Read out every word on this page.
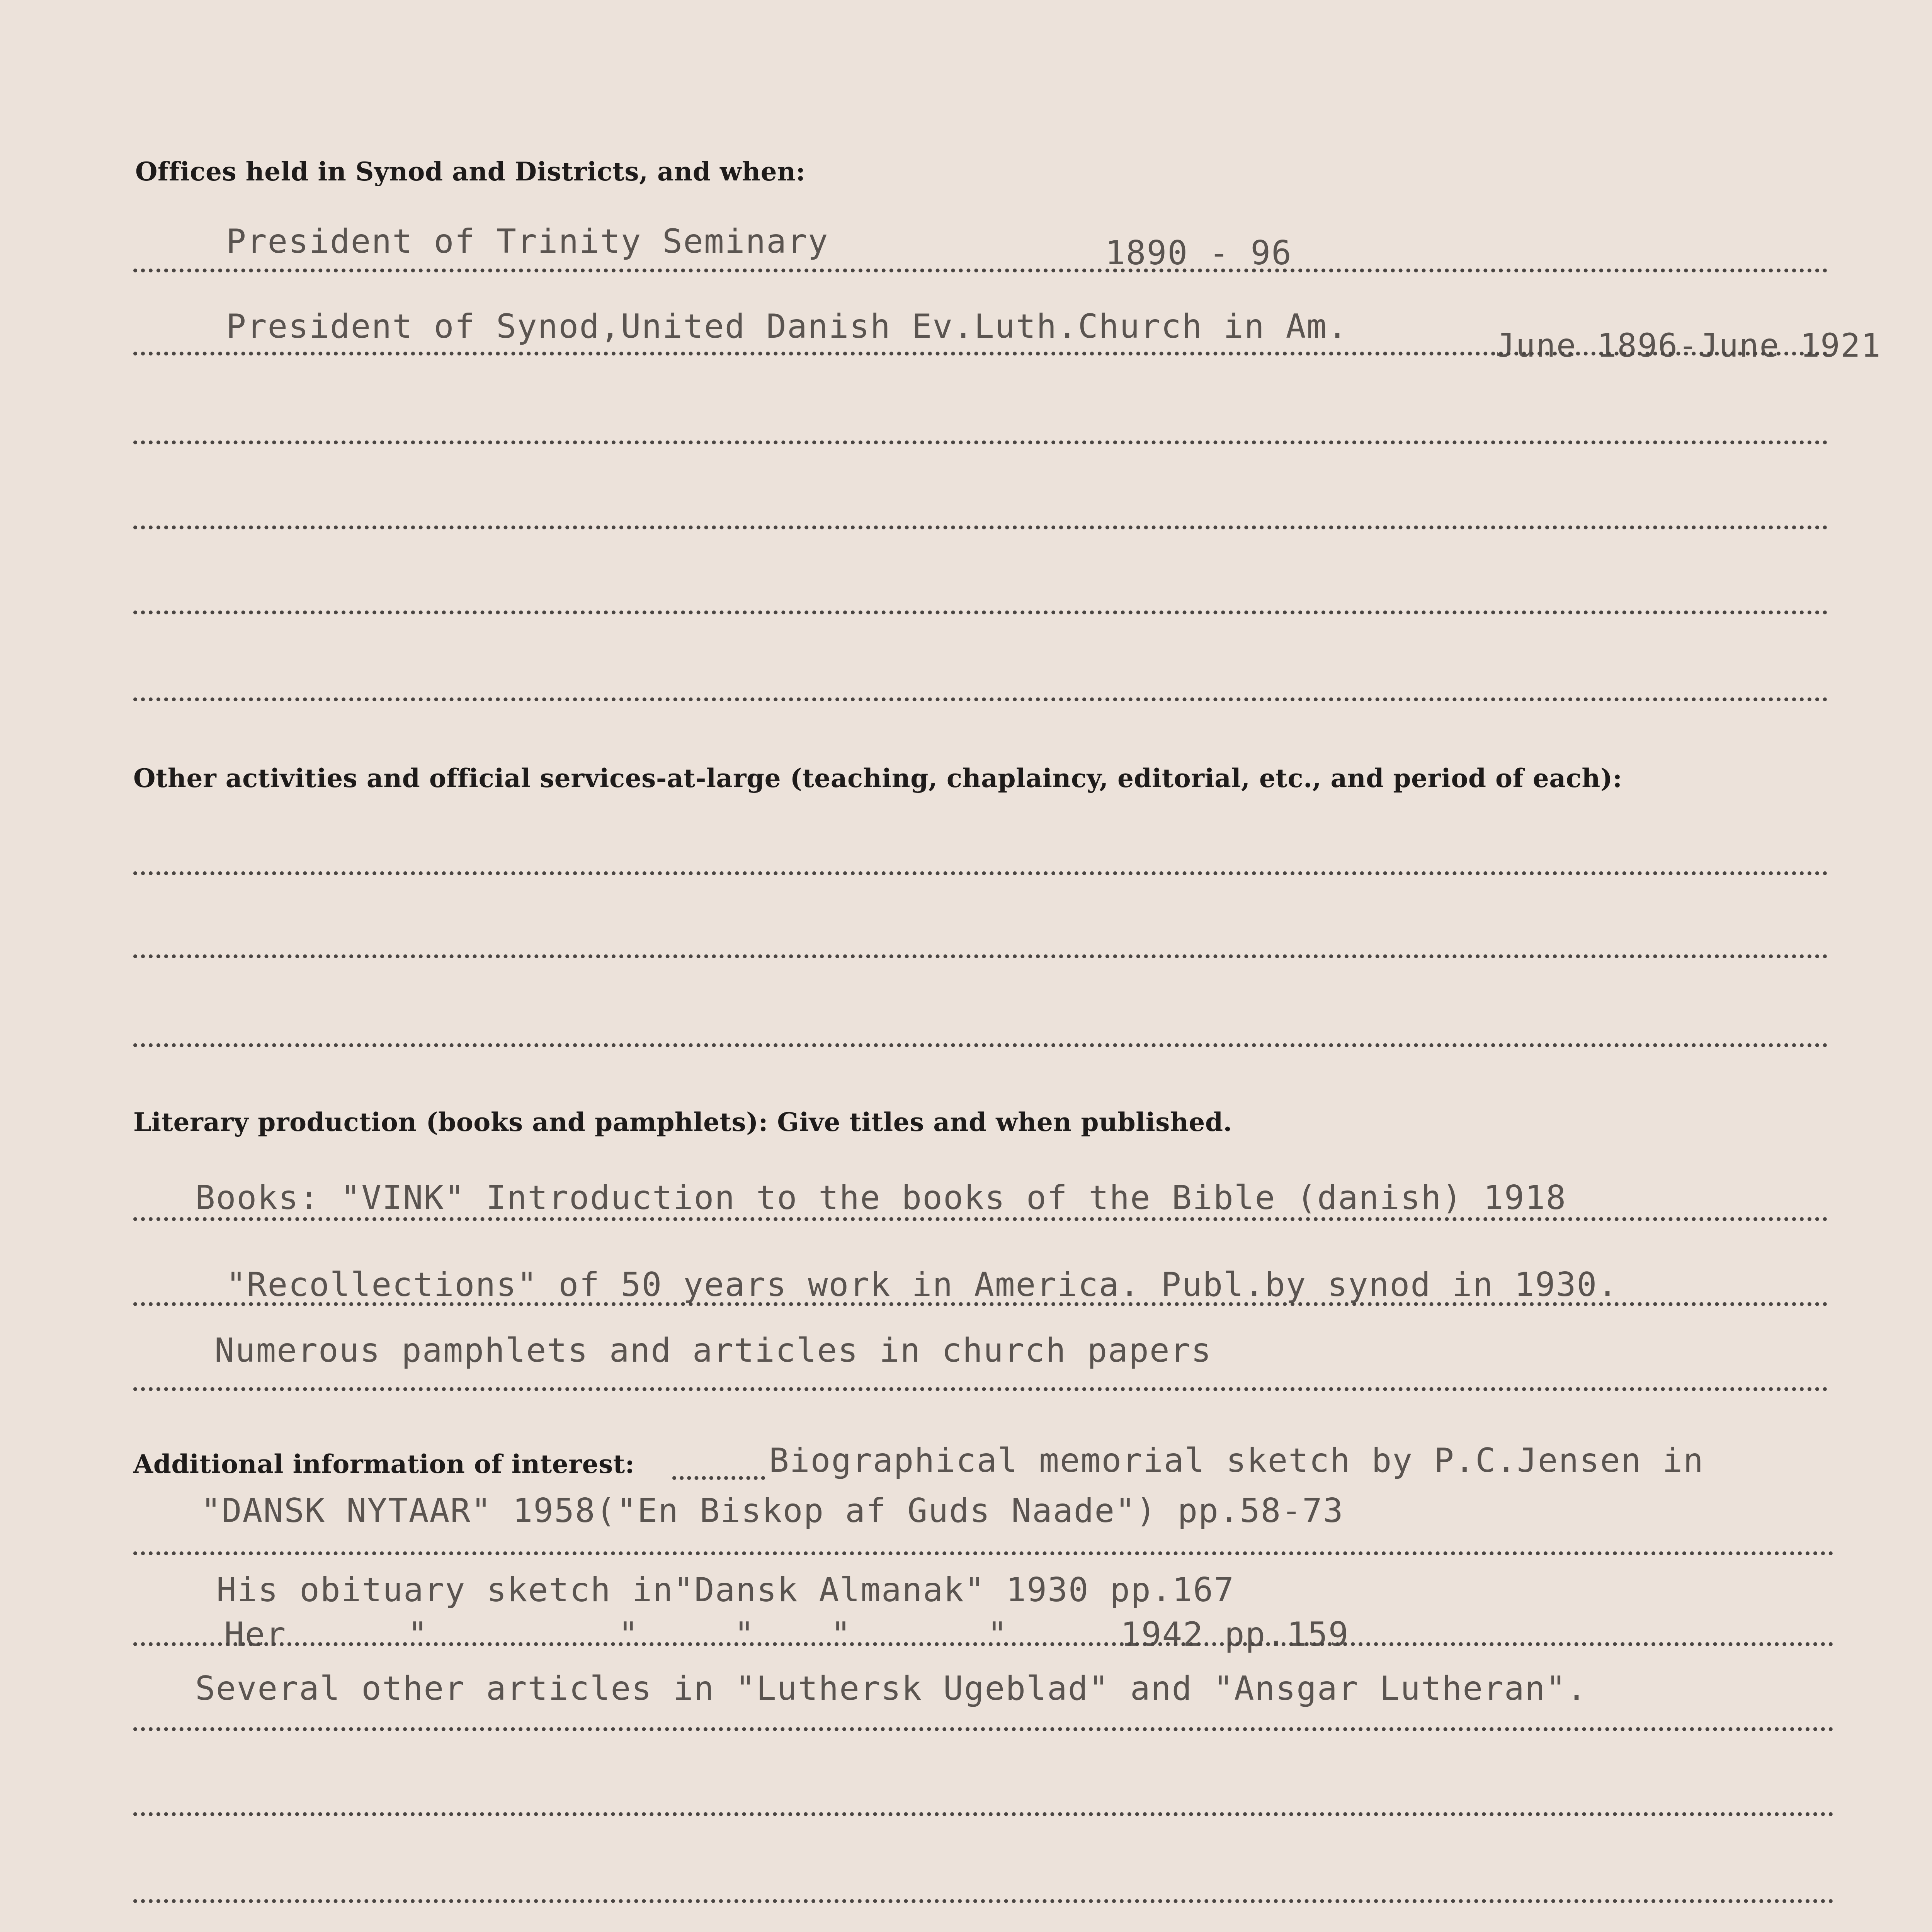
Offices held in Synod and Districts, and when:
President of Trinity Seminary	1890 - 96
President of Synod,United Danish Ev.Luth.Church in Am.	June 1896-June 1921
Other activities and official services-at-large (teaching, chaplaincy, editorial, etc., and period of each):
Literary production (books and pamphlets): Give titles and when published.
Books: "VINK" Introduction to the books of the Bible (danish) 1918
"Recollections" of 50 years work in America. Publ.by synod in 1930.
Numerous pamphlets and articles in church papers
Additional information of interest:	Biographical memorial sketch by P.C.Jensen in
"DANSK NYTAAR" 1958("En Biskop af Guds Naade") pp.58-73
His obituary sketch in"Dansk Almanak" 1930 pp.167
Her	"	"	" "	"	1942 pp.159
Several other articles in "Luthersk Ugeblad" and "Ansgar Lutheran".
